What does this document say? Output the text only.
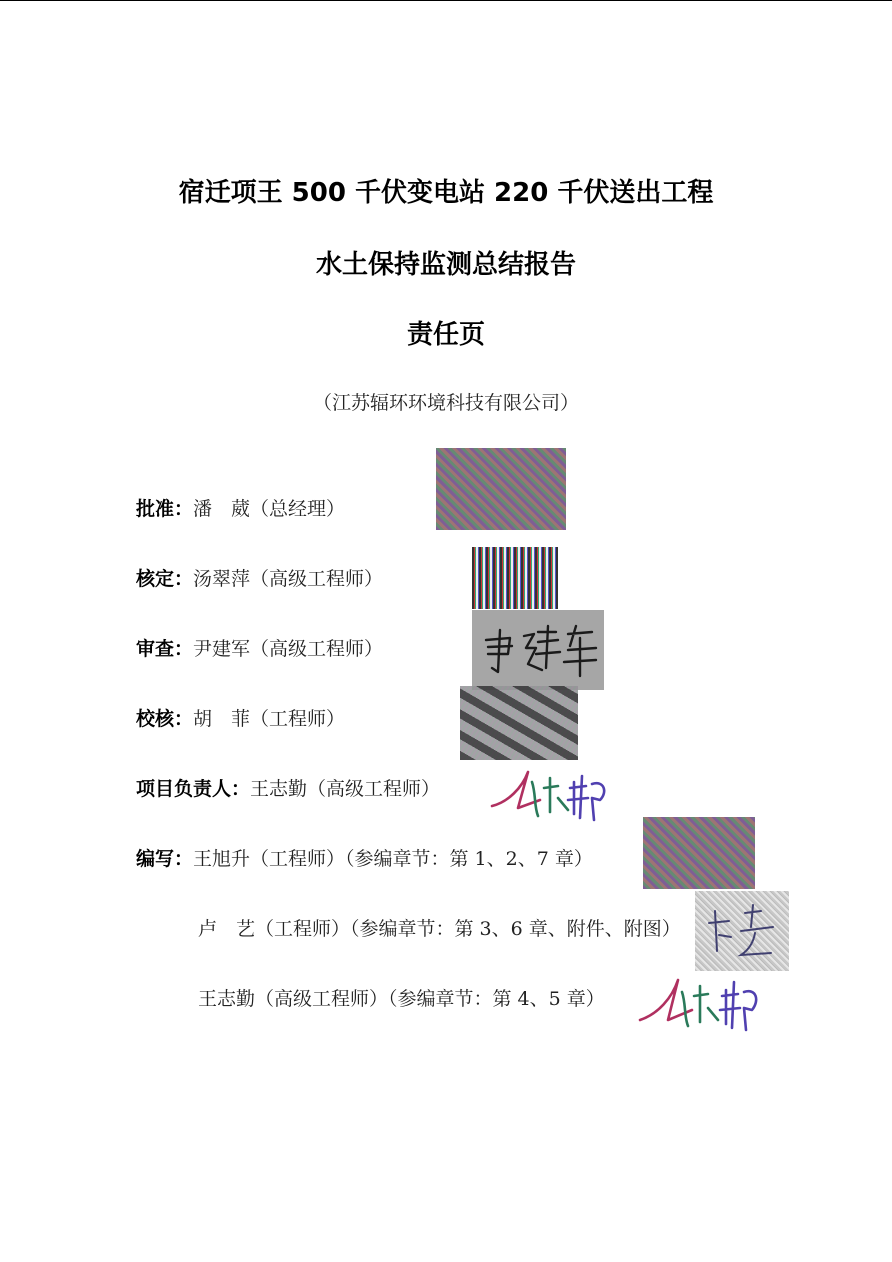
宿迁项王 500 千伏变电站 220 千伏送出工程
水土保持监测总结报告
责任页
（江苏辐环环境科技有限公司）
批准：潘　葳（总经理）
核定：汤翠萍（高级工程师）
审查：尹建军（高级工程师）
校核：胡　菲（工程师）
项目负责人：王志勤（高级工程师）
编写：王旭升（工程师）（参编章节：第 1、2、7 章）
卢　艺（工程师）（参编章节：第 3、6 章、附件、附图）
王志勤（高级工程师）（参编章节：第 4、5 章）
